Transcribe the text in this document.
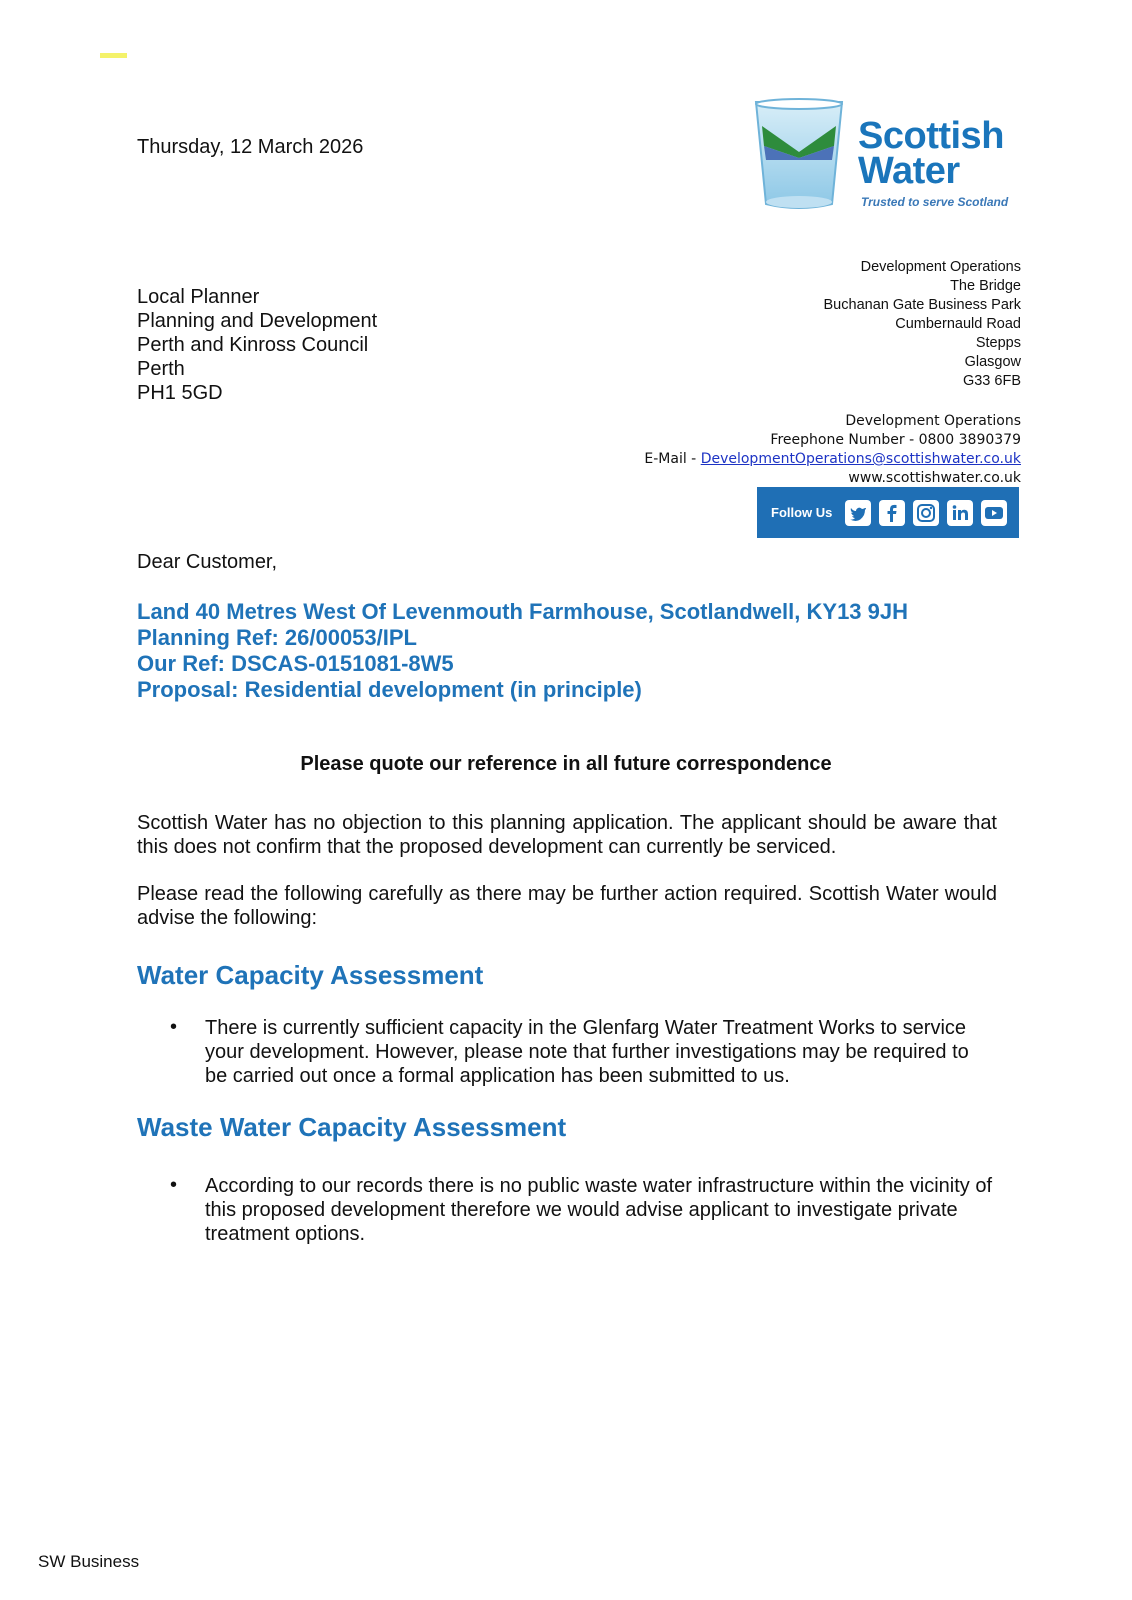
Thursday, 12 March 2026	Scottish
Water
Trusted to serve Scotland
Local Planner
Planning and Development
Perth and Kinross Council
Perth
PH1 5GD
Development Operations
The Bridge
Buchanan Gate Business Park
Cumbernauld Road
Stepps
Glasgow
G33 6FB
Development Operations
Freephone Number - 0800 3890379
E-Mail - DevelopmentOperations@scottishwater.co.uk
www.scottishwater.co.uk
Follow Us
Dear Customer,
Land 40 Metres West Of Levenmouth Farmhouse, Scotlandwell, KY13 9JH
Planning Ref: 26/00053/IPL
Our Ref: DSCAS-0151081-8W5
Proposal: Residential development (in principle)
Please quote our reference in all future correspondence
Scottish Water has no objection to this planning application. The applicant should be aware that this does not confirm that the proposed development can currently be serviced.
Please read the following carefully as there may be further action required. Scottish Water would advise the following:
Water Capacity Assessment
• There is currently sufficient capacity in the Glenfarg Water Treatment Works to service your development. However, please note that further investigations may be required to be carried out once a formal application has been submitted to us.
Waste Water Capacity Assessment
• According to our records there is no public waste water infrastructure within the vicinity of this proposed development therefore we would advise applicant to investigate private treatment options.
SW Business
